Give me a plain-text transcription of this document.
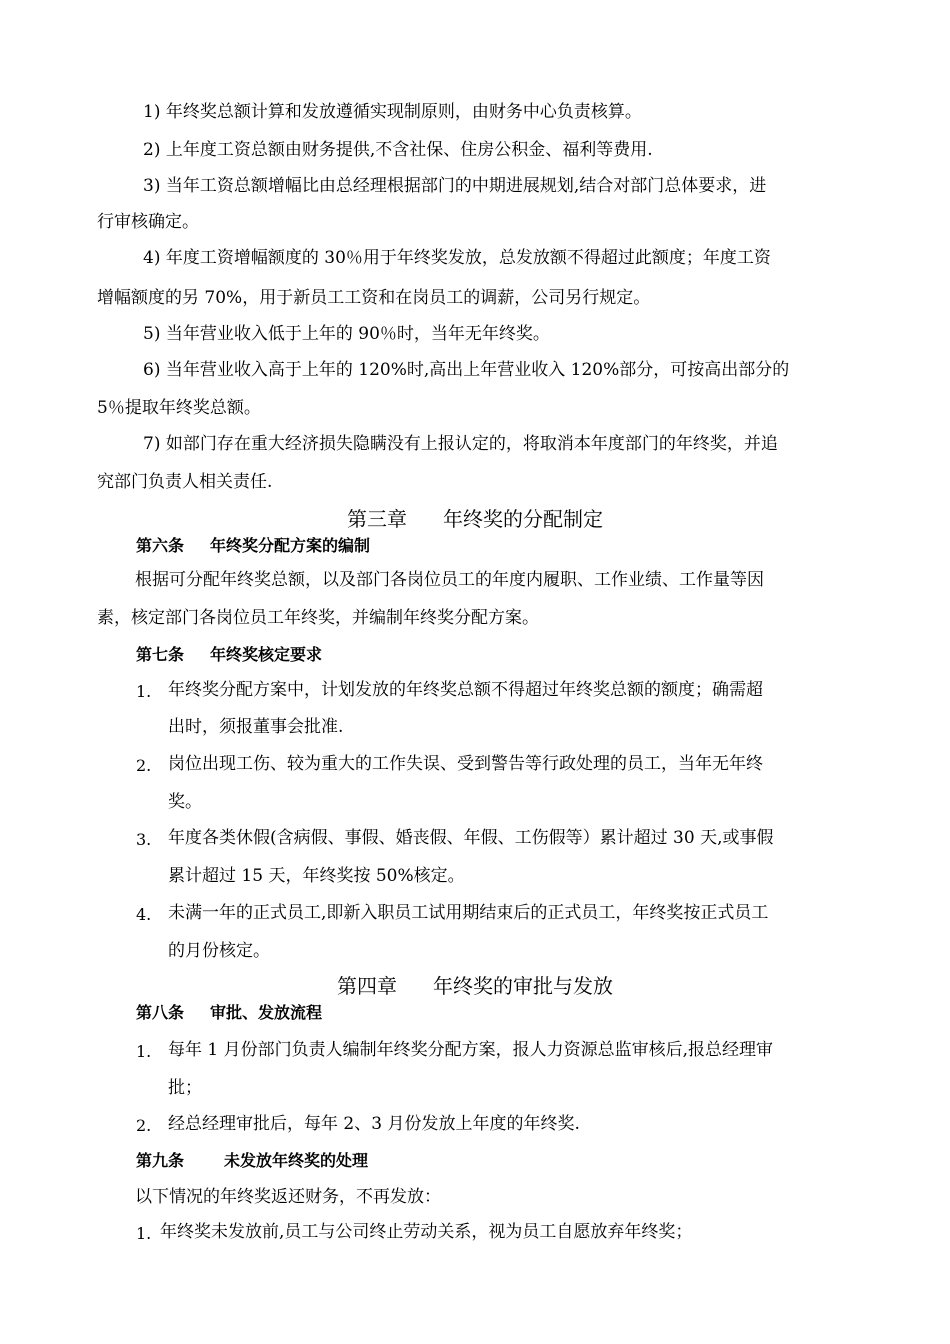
1) 年终奖总额计算和发放遵循实现制原则，由财务中心负责核算。
2) 上年度工资总额由财务提供,不含社保、住房公积金、福利等费用.
3) 当年工资总额增幅比由总经理根据部门的中期进展规划,结合对部门总体要求，进
行审核确定。
4) 年度工资增幅额度的 30％用于年终奖发放，总发放额不得超过此额度；年度工资
增幅额度的另 70%，用于新员工工资和在岗员工的调薪，公司另行规定。
5) 当年营业收入低于上年的 90％时，当年无年终奖。
6) 当年营业收入高于上年的 120%时,高出上年营业收入 120%部分，可按高出部分的
5％提取年终奖总额。
7) 如部门存在重大经济损失隐瞒没有上报认定的，将取消本年度部门的年终奖，并追
究部门负责人相关责任.
第三章 年终奖的分配制定
第六条 年终奖分配方案的编制
根据可分配年终奖总额，以及部门各岗位员工的年度内履职、工作业绩、工作量等因
素，核定部门各岗位员工年终奖，并编制年终奖分配方案。
第七条 年终奖核定要求
1. 年终奖分配方案中，计划发放的年终奖总额不得超过年终奖总额的额度；确需超
出时，须报董事会批准.
2. 岗位出现工伤、较为重大的工作失误、受到警告等行政处理的员工，当年无年终
奖。
3. 年度各类休假(含病假、事假、婚丧假、年假、工伤假等）累计超过 30 天,或事假
累计超过 15 天，年终奖按 50%核定。
4. 未满一年的正式员工,即新入职员工试用期结束后的正式员工，年终奖按正式员工
的月份核定。
第四章 年终奖的审批与发放
第八条 审批、发放流程
1. 每年 1 月份部门负责人编制年终奖分配方案，报人力资源总监审核后,报总经理审
批；
2. 经总经理审批后，每年 2、3 月份发放上年度的年终奖.
第九条	未发放年终奖的处理
以下情况的年终奖返还财务，不再发放：
1. 年终奖未发放前,员工与公司终止劳动关系，视为员工自愿放弃年终奖；
